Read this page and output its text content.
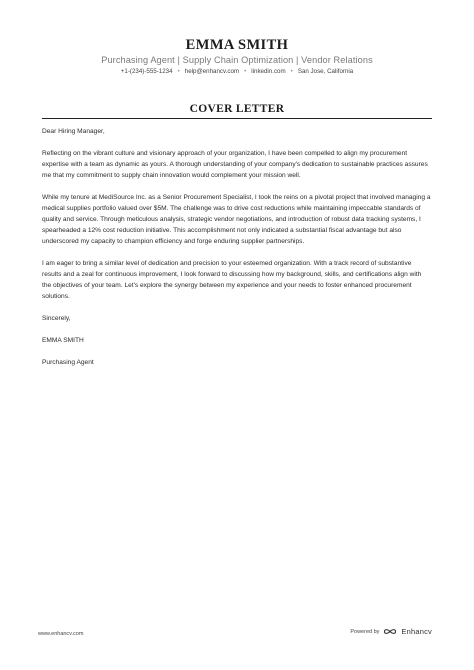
EMMA SMITH
Purchasing Agent | Supply Chain Optimization | Vendor Relations
+1-(234)-555-1234 • help@enhancv.com • linkedin.com • San Jose, California
COVER LETTER

Dear Hiring Manager,

Reflecting on the vibrant culture and visionary approach of your organization, I have been compelled to align my procurement expertise with a team as dynamic as yours. A thorough understanding of your company's dedication to sustainable practices assures me that my commitment to supply chain innovation would complement your mission well.

While my tenure at MediSource Inc. as a Senior Procurement Specialist, I took the reins on a pivotal project that involved managing a medical supplies portfolio valued over $5M. The challenge was to drive cost reductions while maintaining impeccable standards of quality and service. Through meticulous analysis, strategic vendor negotiations, and introduction of robust data tracking systems, I spearheaded a 12% cost reduction initiative. This accomplishment not only indicated a substantial fiscal advantage but also underscored my capacity to champion efficiency and forge enduring supplier partnerships.

I am eager to bring a similar level of dedication and precision to your esteemed organization. With a track record of substantive results and a zeal for continuous improvement, I look forward to discussing how my background, skills, and certifications align with the objectives of your team. Let's explore the synergy between my experience and your needs to foster enhanced procurement solutions.

Sincerely,

EMMA SMITH

Purchasing Agent

www.enhancv.com	Powered by	Enhancv
